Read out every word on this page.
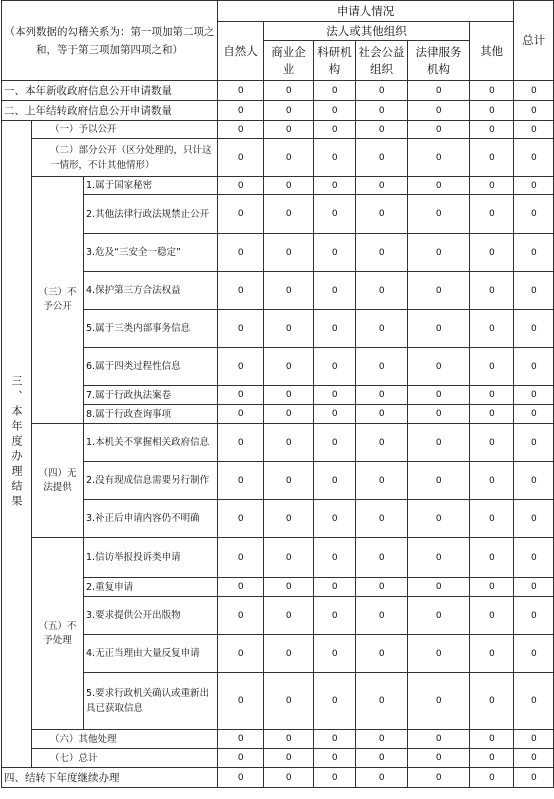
（本列数据的勾稽关系为：第一项加第二项之和，等于第三项加第四项之和）			申请人情况						总计
			自然人	法人或其他组织				其他	
				商业企业	科研机构	社会公益组织	法律服务机构		
一、本年新收政府信息公开申请数量			0	0	0	0	0	0	0
二、上年结转政府信息公开申请数量			0	0	0	0	0	0	0
三、本年度办理结果	（一）予以公开		0	0	0	0	0	0	0
	（二）部分公开（区分处理的，只计这一情形，不计其他情形）		0	0	0	0	0	0	0
	（三）不予公开	1.属于国家秘密	0	0	0	0	0	0	0
		2.其他法律行政法规禁止公开	0	0	0	0	0	0	0
		3.危及“三安全一稳定”	0	0	0	0	0	0	0
		4.保护第三方合法权益	0	0	0	0	0	0	0
		5.属于三类内部事务信息	0	0	0	0	0	0	0
		6.属于四类过程性信息	0	0	0	0	0	0	0
		7.属于行政执法案卷	0	0	0	0	0	0	0
		8.属于行政查询事项	0	0	0	0	0	0	0
	（四）无法提供	1.本机关不掌握相关政府信息	0	0	0	0	0	0	0
		2.没有现成信息需要另行制作	0	0	0	0	0	0	0
		3.补正后申请内容仍不明确	0	0	0	0	0	0	0
	（五）不予处理	1.信访举报投诉类申请	0	0	0	0	0	0	0
		2.重复申请	0	0	0	0	0	0	0
		3.要求提供公开出版物	0	0	0	0	0	0	0
		4.无正当理由大量反复申请	0	0	0	0	0	0	0
		5.要求行政机关确认或重新出具已获取信息	0	0	0	0	0	0	0
	（六）其他处理		0	0	0	0	0	0	0
	（七）总计		0	0	0	0	0	0	0
四、结转下年度继续办理			0	0	0	0	0	0	0
